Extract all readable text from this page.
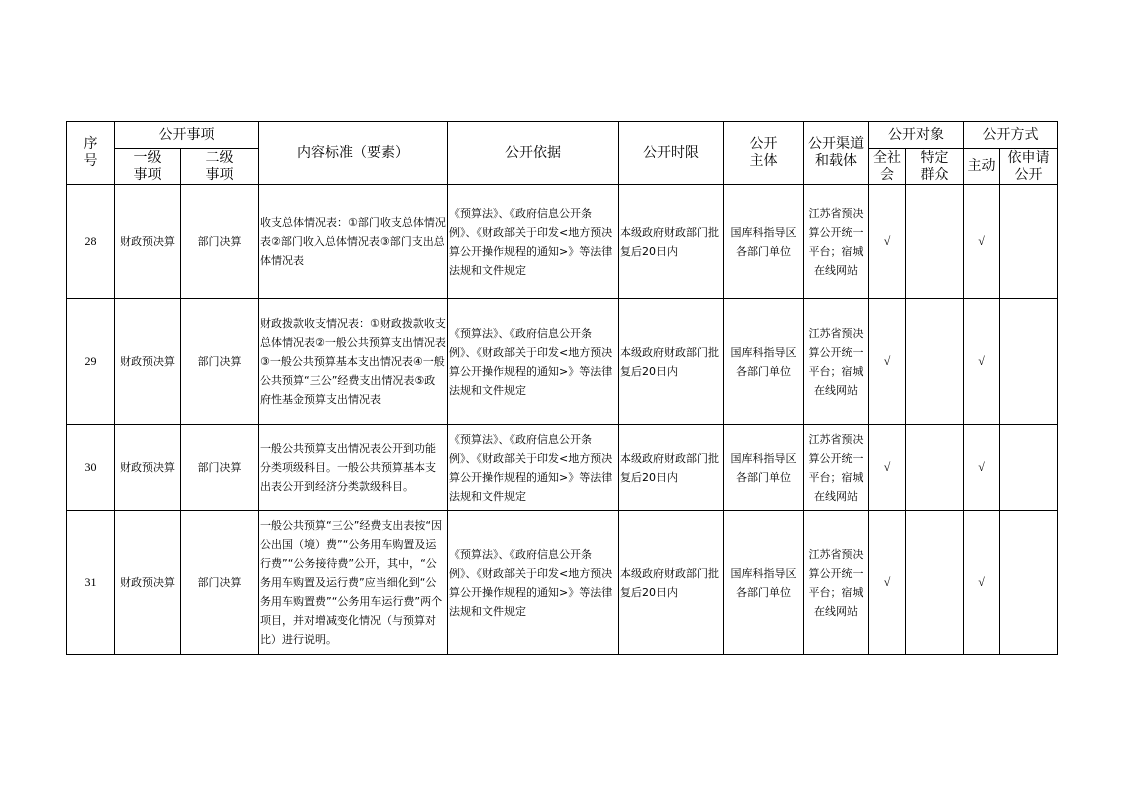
序号	公开事项		内容标准（要素）	公开依据	公开时限	公开主体	公开渠道和载体	公开对象		公开方式	
	一级事项	二级事项						全社会	特定群众	主动	依申请公开
28	财政预决算	部门决算	收支总体情况表：①部门收支总体情况表②部门收入总体情况表③部门支出总体情况表	《预算法》、《政府信息公开条例》、《财政部关于印发<地方预决算公开操作规程的通知>》等法律法规和文件规定	本级政府财政部门批复后20日内	国库科指导区各部门单位	江苏省预决算公开统一平台；宿城在线网站	√		√	
29	财政预决算	部门决算	财政拨款收支情况表：①财政拨款收支总体情况表②一般公共预算支出情况表③一般公共预算基本支出情况表④一般公共预算“三公”经费支出情况表⑤政府性基金预算支出情况表	《预算法》、《政府信息公开条例》、《财政部关于印发<地方预决算公开操作规程的通知>》等法律法规和文件规定	本级政府财政部门批复后20日内	国库科指导区各部门单位	江苏省预决算公开统一平台；宿城在线网站	√		√	
30	财政预决算	部门决算	一般公共预算支出情况表公开到功能分类项级科目。一般公共预算基本支出表公开到经济分类款级科目。	《预算法》、《政府信息公开条例》、《财政部关于印发<地方预决算公开操作规程的通知>》等法律法规和文件规定	本级政府财政部门批复后20日内	国库科指导区各部门单位	江苏省预决算公开统一平台；宿城在线网站	√		√	
31	财政预决算	部门决算	一般公共预算“三公”经费支出表按“因公出国（境）费”“公务用车购置及运行费”“公务接待费”公开，其中，“公务用车购置及运行费”应当细化到“公务用车购置费”“公务用车运行费”两个项目，并对增减变化情况（与预算对比）进行说明。	《预算法》、《政府信息公开条例》、《财政部关于印发<地方预决算公开操作规程的通知>》等法律法规和文件规定	本级政府财政部门批复后20日内	国库科指导区各部门单位	江苏省预决算公开统一平台；宿城在线网站	√		√	
